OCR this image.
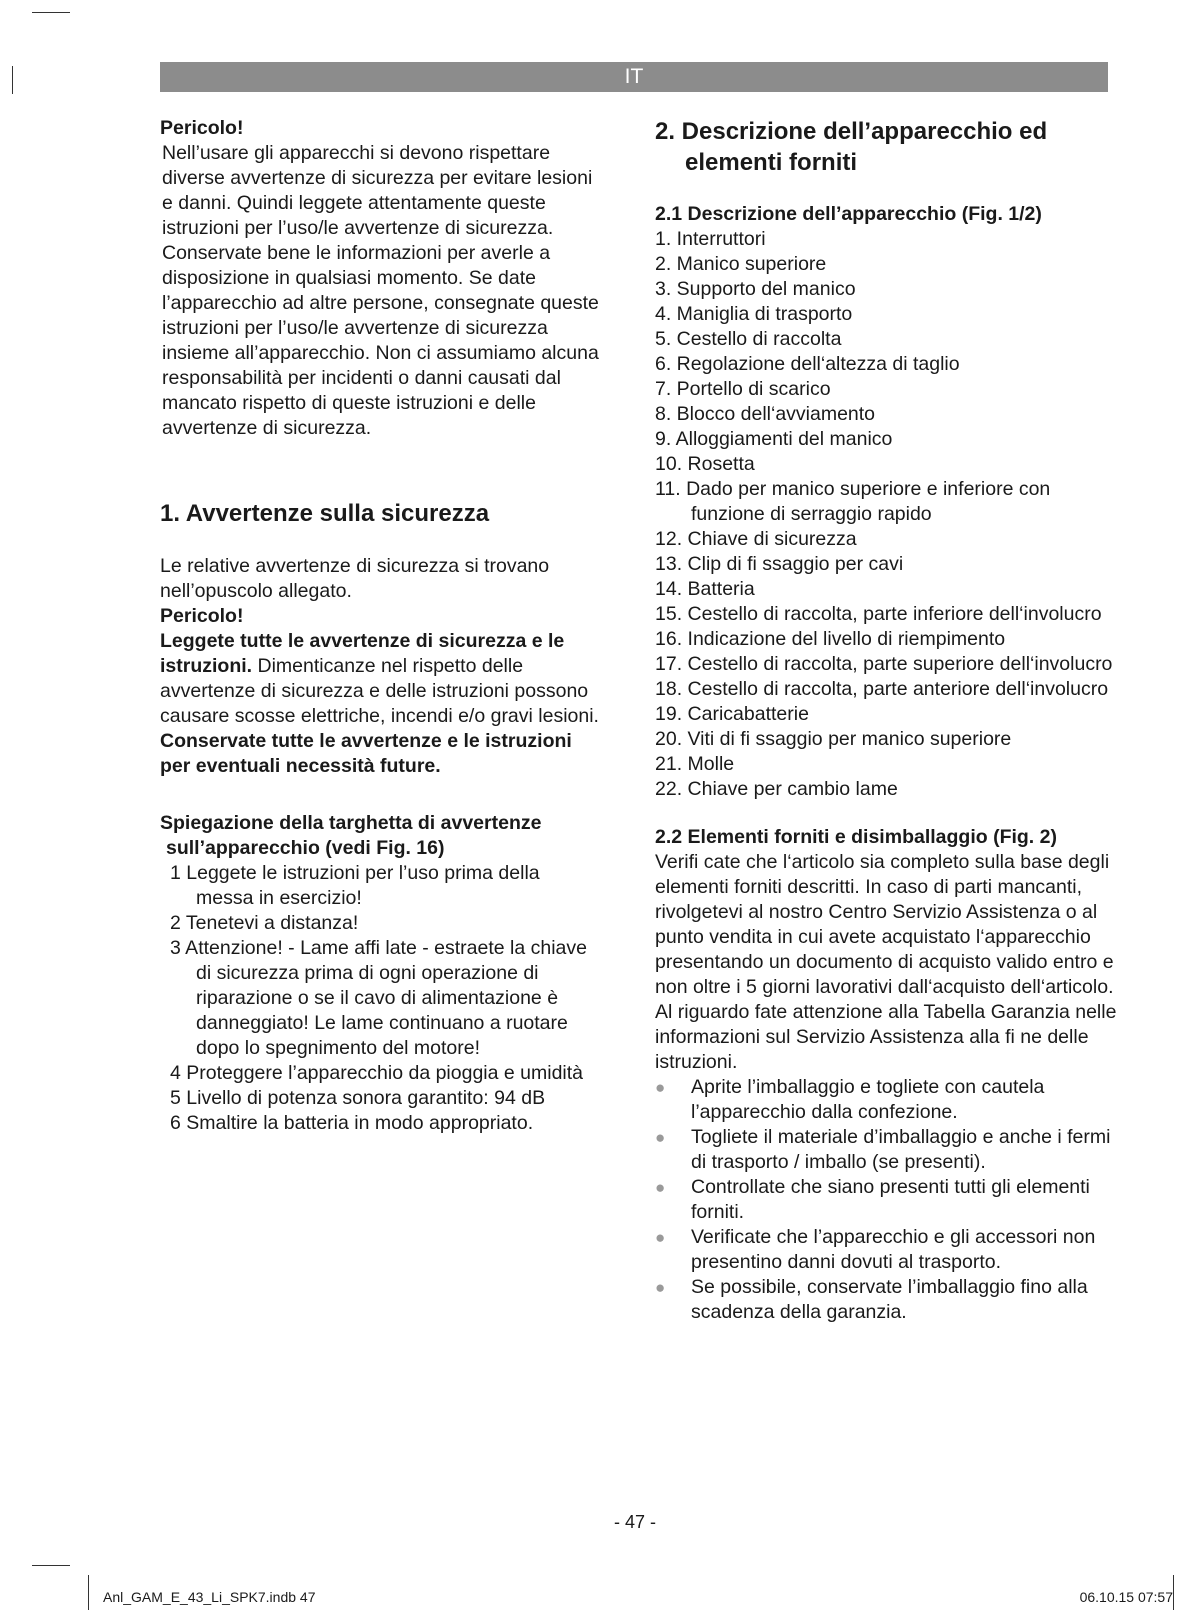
IT

Pericolo!

Nell’usare gli apparecchi si devono rispettare diverse avvertenze di sicurezza per evitare lesioni e danni. Quindi leggete attentamente queste istruzioni per l’uso/le avvertenze di sicurezza. Conservate bene le informazioni per averle a disposizione in qualsiasi momento. Se date l’apparecchio ad altre persone, consegnate queste istruzioni per l’uso/le avvertenze di sicurezza insieme all’apparecchio. Non ci assumiamo alcuna responsabilità per incidenti o danni causati dal mancato rispetto di queste istruzioni e delle avvertenze di sicurezza.

1. Avvertenze sulla sicurezza

Le relative avvertenze di sicurezza si trovano nell’opuscolo allegato.

Pericolo!

Leggete tutte le avvertenze di sicurezza e le istruzioni. Dimenticanze nel rispetto delle avvertenze di sicurezza e delle istruzioni possono causare scosse elettriche, incendi e/o gravi lesioni.

Conservate tutte le avvertenze e le istruzioni per eventuali necessità future.

Spiegazione della targhetta di avvertenze sull’apparecchio (vedi Fig. 16)

1 Leggete le istruzioni per l’uso prima della messa in esercizio!

2 Tenetevi a distanza!

3 Attenzione! - Lame affi late - estraete la chiave di sicurezza prima di ogni operazione di riparazione o se il cavo di alimentazione è danneggiato! Le lame continuano a ruotare dopo lo spegnimento del motore!

4 Proteggere l’apparecchio da pioggia e umidità

5 Livello di potenza sonora garantito: 94 dB

6 Smaltire la batteria in modo appropriato.

2. Descrizione dell’apparecchio ed elementi forniti
2.1 Descrizione dell’apparecchio (Fig. 1/2)

1. Interruttori

2. Manico superiore

3. Supporto del manico

4. Maniglia di trasporto

5. Cestello di raccolta

6. Regolazione dell‘altezza di taglio

7. Portello di scarico

8. Blocco dell‘avviamento

9. Alloggiamenti del manico

10. Rosetta

11. Dado per manico superiore e inferiore con funzione di serraggio rapido

12. Chiave di sicurezza

13. Clip di fi ssaggio per cavi

14. Batteria

15. Cestello di raccolta, parte inferiore dell‘involucro

16. Indicazione del livello di riempimento

17. Cestello di raccolta, parte superiore dell‘involucro

18. Cestello di raccolta, parte anteriore dell‘involucro

19. Caricabatterie

20. Viti di fi ssaggio per manico superiore

21. Molle

22. Chiave per cambio lame

2.2 Elementi forniti e disimballaggio (Fig. 2)

Verifi cate che l‘articolo sia completo sulla base degli elementi forniti descritti. In caso di parti mancanti, rivolgetevi al nostro Centro Servizio Assistenza o al punto vendita in cui avete acquistato l‘apparecchio presentando un documento di acquisto valido entro e non oltre i 5 giorni lavorativi dall‘acquisto dell‘articolo. Al riguardo fate attenzione alla Tabella Garanzia nelle informazioni sul Servizio Assistenza alla fi ne delle istruzioni.

● Aprite l’imballaggio e togliete con cautela l’apparecchio dalla confezione.
● Togliete il materiale d’imballaggio e anche i fermi di trasporto / imballo (se presenti).
● Controllate che siano presenti tutti gli elementi forniti.
● Verificate che l’apparecchio e gli accessori non presentino danni dovuti al trasporto.
● Se possibile, conservate l’imballaggio fino alla scadenza della garanzia.
- 47 -
Anl_GAM_E_43_Li_SPK7.indb 47	06.10.15 07:57
